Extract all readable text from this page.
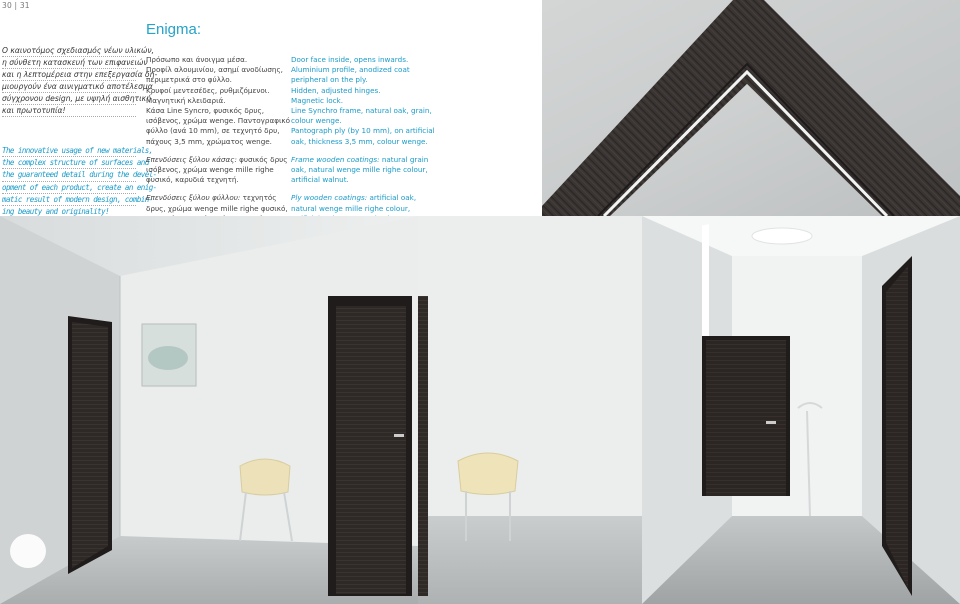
30 | 31
Enigma:
Ο καινοτόμος σχεδιασμός νέων υλικών,
η σύνθετη κατασκευή των επιφανειών
και η λεπτομέρεια στην επεξεργασία δη-
μιουργούν ένα αινιγματικό αποτέλεσμα
σύγχρονου design, με υψηλή αισθητική
και πρωτοτυπία!
The innovative usage of new materials,
the complex structure of surfaces and
the guaranteed detail during the devel-
opment of each product, create an enig-
matic result of modern design, combin-
ing beauty and originality!

Πρόσωπο και άνοιγμα μέσα.
Προφίλ αλουμινίου, ασημί ανοδίωσης,
περιμετρικά στο φύλλο.
Κρυφοί μεντεσέδες, ρυθμιζόμενοι.
Μαγνητική κλειδαριά.
Κάσα Line Syncro, φυσικός δρυς,
ισόβενος, χρώμα wenge. Παντογραφικό
φύλλο (ανά 10 mm), σε τεχνητό δρυ,
πάχους 3,5 mm, χρώματος wenge.

Επενδύσεις ξύλου κάσας: φυσικός δρυς
ισόβενος, χρώμα wenge mille righe
φυσικό, καρυδιά τεχνητή.

Επενδύσεις ξύλου φύλλου: τεχνητός
δρυς, χρώμα wenge mille righe φυσικό,

Door face inside, opens inwards.
Aluminium profile, anodized coat
peripheral on the ply.
Hidden, adjusted hinges.
Magnetic lock.
Line Synchro frame, natural oak, grain,
colour wenge.
Pantograph ply (by 10 mm), on artificial
oak, thickness 3,5 mm, colour wenge.

Frame wooden coatings: natural grain
oak, natural wenge mille righe colour,
artificial walnut.

Ply wooden coatings: artificial oak,
natural wenge mille righe colour,
